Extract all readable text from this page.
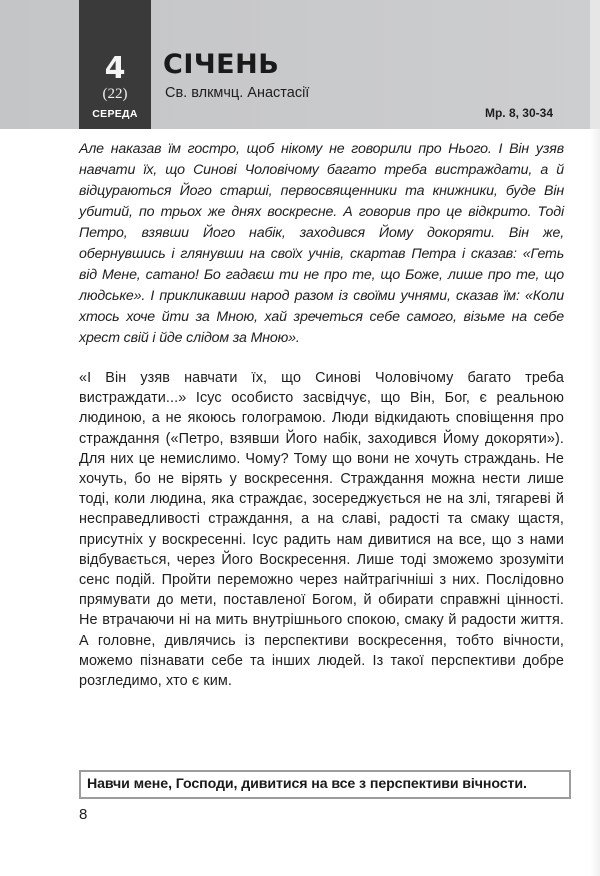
4
(22)
СЕРЕДА
СІЧЕНЬ
Св. влкмчц. Анастасії
Мр. 8, 30-34

Але наказав їм гостро, щоб нікому не говорили про Нього. І Він узяв навчати їх, що Синові Чоловічому багато треба вистраждати, а й відцураються Його старші, первосвященники та книжники, буде Він убитий, по трьох же днях воскресне. А говорив про це відкрито. Тоді Петро, взявши Його набік, заходився Йому докоряти. Він же, обернувшись і глянувши на своїх учнів, скартав Петра і сказав: «Геть від Мене, сатано! Бо гадаєш ти не про те, що Боже, лише про те, що людське». І прикликавши народ разом із своїми учнями, сказав їм: «Коли хтось хоче йти за Мною, хай зречеться себе самого, візьме на себе хрест свій і йде слідом за Мною».

«І Він узяв навчати їх, що Синові Чоловічому багато треба вистраждати...» Ісус особисто засвідчує, що Він, Бог, є реальною людиною, а не якоюсь голограмою. Люди відкидають сповіщення про страждання («Петро, взявши Його набік, заходився Йому докоряти»). Для них це немислимо. Чому? Тому що вони не хочуть страждань. Не хочуть, бо не вірять у воскресення. Страждання можна нести лише тоді, коли людина, яка страждає, зосереджується не на злі, тягареві й несправедливості страждання, а на славі, радості та смаку щастя, присутніх у воскресенні. Ісус радить нам дивитися на все, що з нами відбувається, через Його Воскресення. Лише тоді зможемо зрозуміти сенс подій. Пройти переможно через найтрагічніші з них. Послідовно прямувати до мети, поставленої Богом, й обирати справжні цінності. Не втрачаючи ні на мить внутрішнього спокою, смаку й радости життя. А головне, дивлячись із перспективи воскресення, тобто вічности, можемо пізнавати себе та інших людей. Із такої перспективи добре розгледимо, хто є ким.

Навчи мене, Господи, дивитися на все з перспективи вічности.
8
